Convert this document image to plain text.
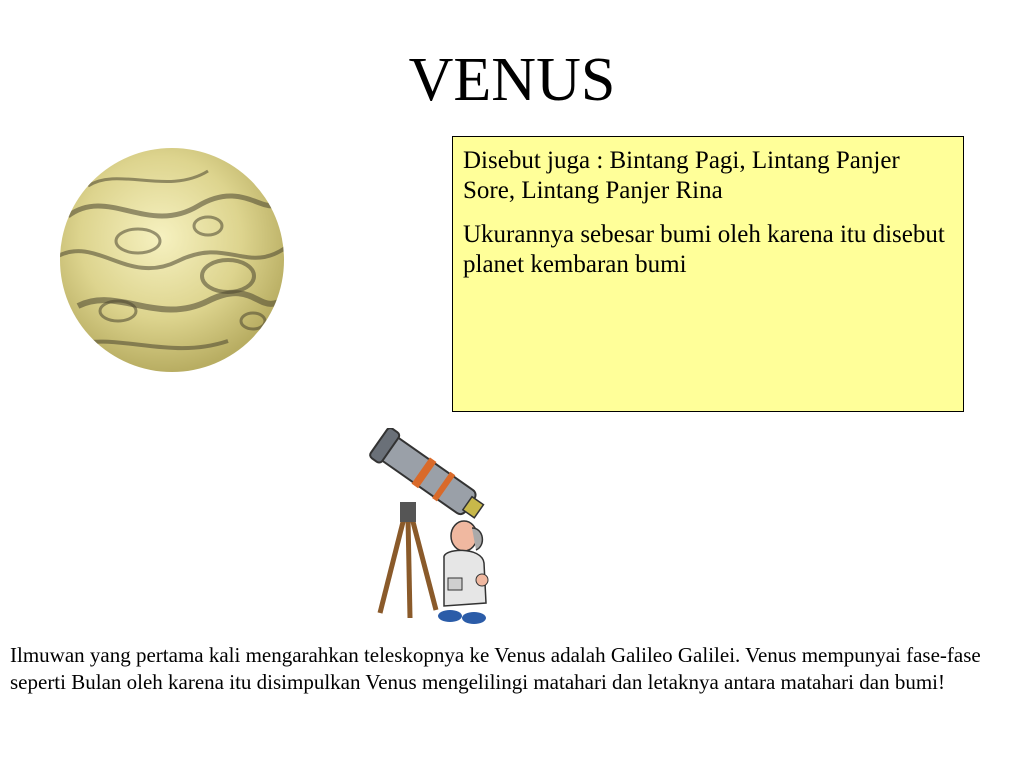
VENUS

Disebut juga : Bintang Pagi, Lintang Panjer Sore, Lintang Panjer Rina

Ukurannya sebesar bumi oleh karena itu disebut planet kembaran bumi

Ilmuwan yang pertama kali mengarahkan teleskopnya ke Venus adalah Galileo Galilei. Venus mempunyai fase-fase seperti Bulan oleh karena itu disimpulkan Venus mengelilingi matahari dan letaknya antara matahari dan bumi!
